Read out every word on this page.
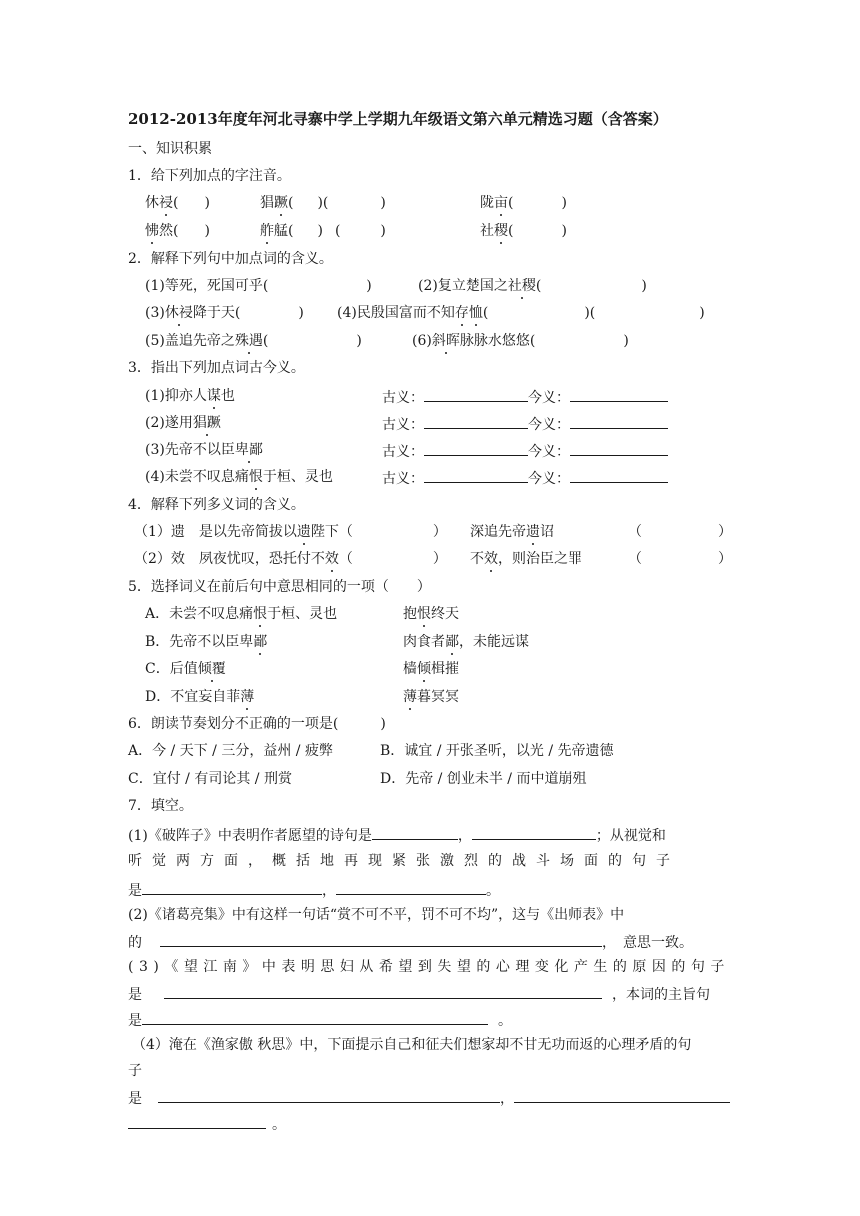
2012-2013年度年河北寻寨中学上学期九年级语文第六单元精选习题（含答案）
一、知识积累
1．给下列加点的字注音。
休祲( )	猖蹶( )(	)	陇亩(	)
怫然( )	舴艋( ) (	)	社稷(	)
2．解释下列句中加点词的含义。
(1)等死，死国可乎(	)	(2)复立楚国之社稷(	)
(3)休祲降于天(	) (4)民殷国富而不知存恤(	)(	)
(5)盖追先帝之殊遇(	)	(6)斜晖脉脉水悠悠(	)
3．指出下列加点词古今义。
(1)抑亦人谋也	古义：	今义：
(2)遂用猖蹶	古义：	今义：
(3)先帝不以臣卑鄙	古义：	今义：
(4)未尝不叹息痛恨于桓、灵也	古义：	今义：
4．解释下列多义词的含义。
（1）遗　是以先帝简拔以遗陛下（	） 深追先帝遗诏	（	）
（2）效　夙夜忧叹，恐托付不效（	） 不效，则治臣之罪	（	）
5．选择词义在前后句中意思相同的一项（　　）
A．未尝不叹息痛恨于桓、灵也	抱恨终天
B．先帝不以臣卑鄙	肉食者鄙，未能远谋
C．后值倾覆	樯倾楫摧
D．不宜妄自菲薄	薄暮冥冥
6．朗读节奏划分不正确的一项是(　　　)
A．今 / 天下 / 三分，益州 / 疲弊	B．诚宜 / 开张圣听，以光 / 先帝遗德
C．宜付 / 有司论其 / 刑赏	D．先帝 / 创业未半 / 而中道崩殂
7．填空。
(1)《破阵子》中表明作者愿望的诗句是	，	；从视觉和
听觉两方面，概括地再现紧张激烈的战斗场面的句子
是	，	。
(2)《诸葛亮集》中有这样一句话“赏不可不平，罚不可不均”，这与《出师表》中
的	，　意思一致。
(3)《望江南》中表明思妇从希望到失望的心理变化产生的原因的句子
是	，本词的主旨句
是	。
（4）淹在《渔家傲 秋思》中，下面提示自己和征夫们想家却不甘无功而返的心理矛盾的句
子
是	，
。
